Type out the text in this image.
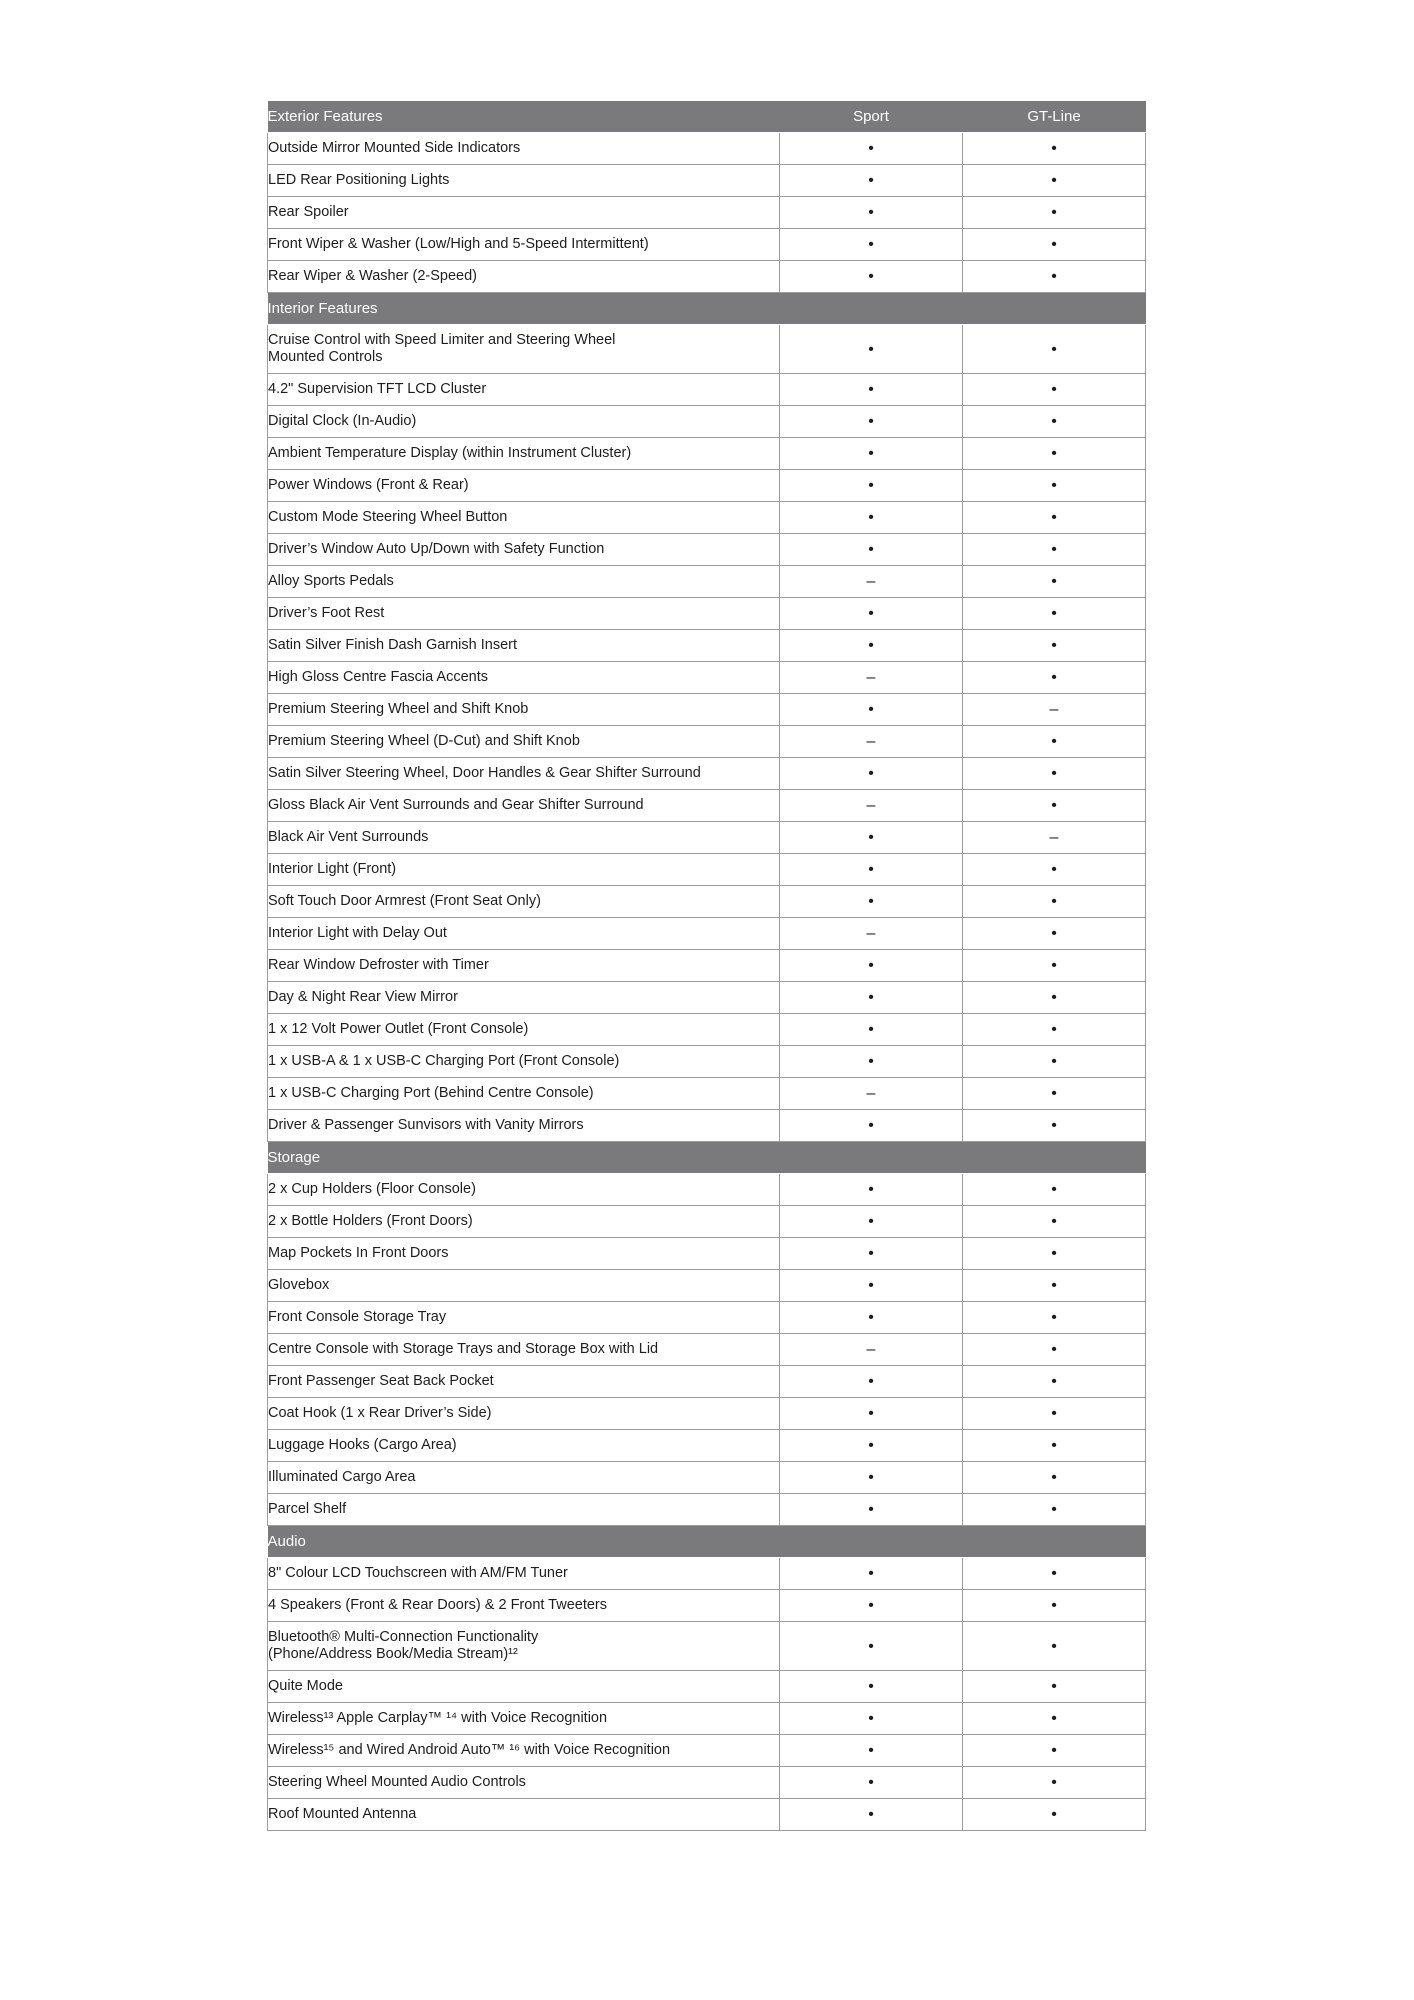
Exterior Features	Sport	GT-Line
Outside Mirror Mounted Side Indicators	•	•
LED Rear Positioning Lights	•	•
Rear Spoiler	•	•
Front Wiper & Washer (Low/High and 5-Speed Intermittent)	•	•
Rear Wiper & Washer (2-Speed)	•	•
Interior Features		
Cruise Control with Speed Limiter and Steering Wheel
Mounted Controls	•	•
4.2" Supervision TFT LCD Cluster	•	•
Digital Clock (In-Audio)	•	•
Ambient Temperature Display (within Instrument Cluster)	•	•
Power Windows (Front & Rear)	•	•
Custom Mode Steering Wheel Button	•	•
Driver’s Window Auto Up/Down with Safety Function	•	•
Alloy Sports Pedals	–	•
Driver’s Foot Rest	•	•
Satin Silver Finish Dash Garnish Insert	•	•
High Gloss Centre Fascia Accents	–	•
Premium Steering Wheel and Shift Knob	•	–
Premium Steering Wheel (D-Cut) and Shift Knob	–	•
Satin Silver Steering Wheel, Door Handles & Gear Shifter Surround	•	•
Gloss Black Air Vent Surrounds and Gear Shifter Surround	–	•
Black Air Vent Surrounds	•	–
Interior Light (Front)	•	•
Soft Touch Door Armrest (Front Seat Only)	•	•
Interior Light with Delay Out	–	•
Rear Window Defroster with Timer	•	•
Day & Night Rear View Mirror	•	•
1 x 12 Volt Power Outlet (Front Console)	•	•
1 x USB-A & 1 x USB-C Charging Port (Front Console)	•	•
1 x USB-C Charging Port (Behind Centre Console)	–	•
Driver & Passenger Sunvisors with Vanity Mirrors	•	•
Storage		
2 x Cup Holders (Floor Console)	•	•
2 x Bottle Holders (Front Doors)	•	•
Map Pockets In Front Doors	•	•
Glovebox	•	•
Front Console Storage Tray	•	•
Centre Console with Storage Trays and Storage Box with Lid	–	•
Front Passenger Seat Back Pocket	•	•
Coat Hook (1 x Rear Driver’s Side)	•	•
Luggage Hooks (Cargo Area)	•	•
Illuminated Cargo Area	•	•
Parcel Shelf	•	•
Audio		
8" Colour LCD Touchscreen with AM/FM Tuner	•	•
4 Speakers (Front & Rear Doors) & 2 Front Tweeters	•	•
Bluetooth® Multi-Connection Functionality
(Phone/Address Book/Media Stream)¹²	•	•
Quite Mode	•	•
Wireless¹³ Apple Carplay™ ¹⁴ with Voice Recognition	•	•
Wireless¹⁵ and Wired Android Auto™ ¹⁶ with Voice Recognition	•	•
Steering Wheel Mounted Audio Controls	•	•
Roof Mounted Antenna	•	•
